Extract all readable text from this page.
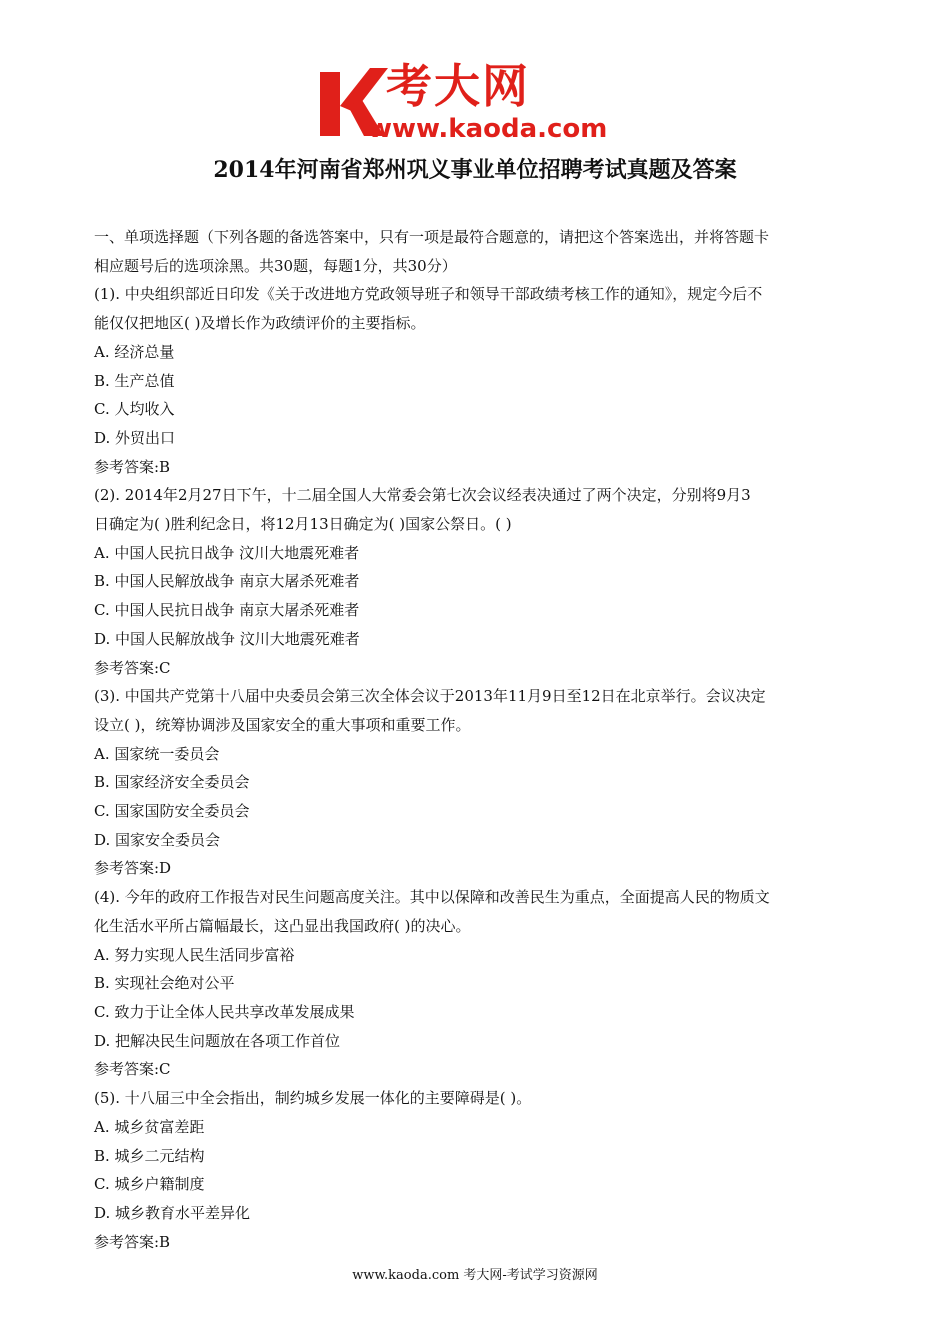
考大网
www.kaoda.com
2014年河南省郑州巩义事业单位招聘考试真题及答案

一、单项选择题（下列各题的备选答案中，只有一项是最符合题意的，请把这个答案选出，并将答题卡

相应题号后的选项涂黑。共30题，每题1分，共30分）

(1). 中央组织部近日印发《关于改进地方党政领导班子和领导干部政绩考核工作的通知》，规定今后不

能仅仅把地区( )及增长作为政绩评价的主要指标。

A. 经济总量

B. 生产总值

C. 人均收入

D. 外贸出口

参考答案:B

(2). 2014年2月27日下午，十二届全国人大常委会第七次会议经表决通过了两个决定，分别将9月3

日确定为( )胜利纪念日，将12月13日确定为( )国家公祭日。( )

A. 中国人民抗日战争 汶川大地震死难者

B. 中国人民解放战争 南京大屠杀死难者

C. 中国人民抗日战争 南京大屠杀死难者

D. 中国人民解放战争 汶川大地震死难者

参考答案:C

(3). 中国共产党第十八届中央委员会第三次全体会议于2013年11月9日至12日在北京举行。会议决定

设立( )，统筹协调涉及国家安全的重大事项和重要工作。

A. 国家统一委员会

B. 国家经济安全委员会

C. 国家国防安全委员会

D. 国家安全委员会

参考答案:D

(4). 今年的政府工作报告对民生问题高度关注。其中以保障和改善民生为重点，全面提高人民的物质文

化生活水平所占篇幅最长，这凸显出我国政府( )的决心。

A. 努力实现人民生活同步富裕

B. 实现社会绝对公平

C. 致力于让全体人民共享改革发展成果

D. 把解决民生问题放在各项工作首位

参考答案:C

(5). 十八届三中全会指出，制约城乡发展一体化的主要障碍是( )。

A. 城乡贫富差距

B. 城乡二元结构

C. 城乡户籍制度

D. 城乡教育水平差异化

参考答案:B

www.kaoda.com 考大网-考试学习资源网
